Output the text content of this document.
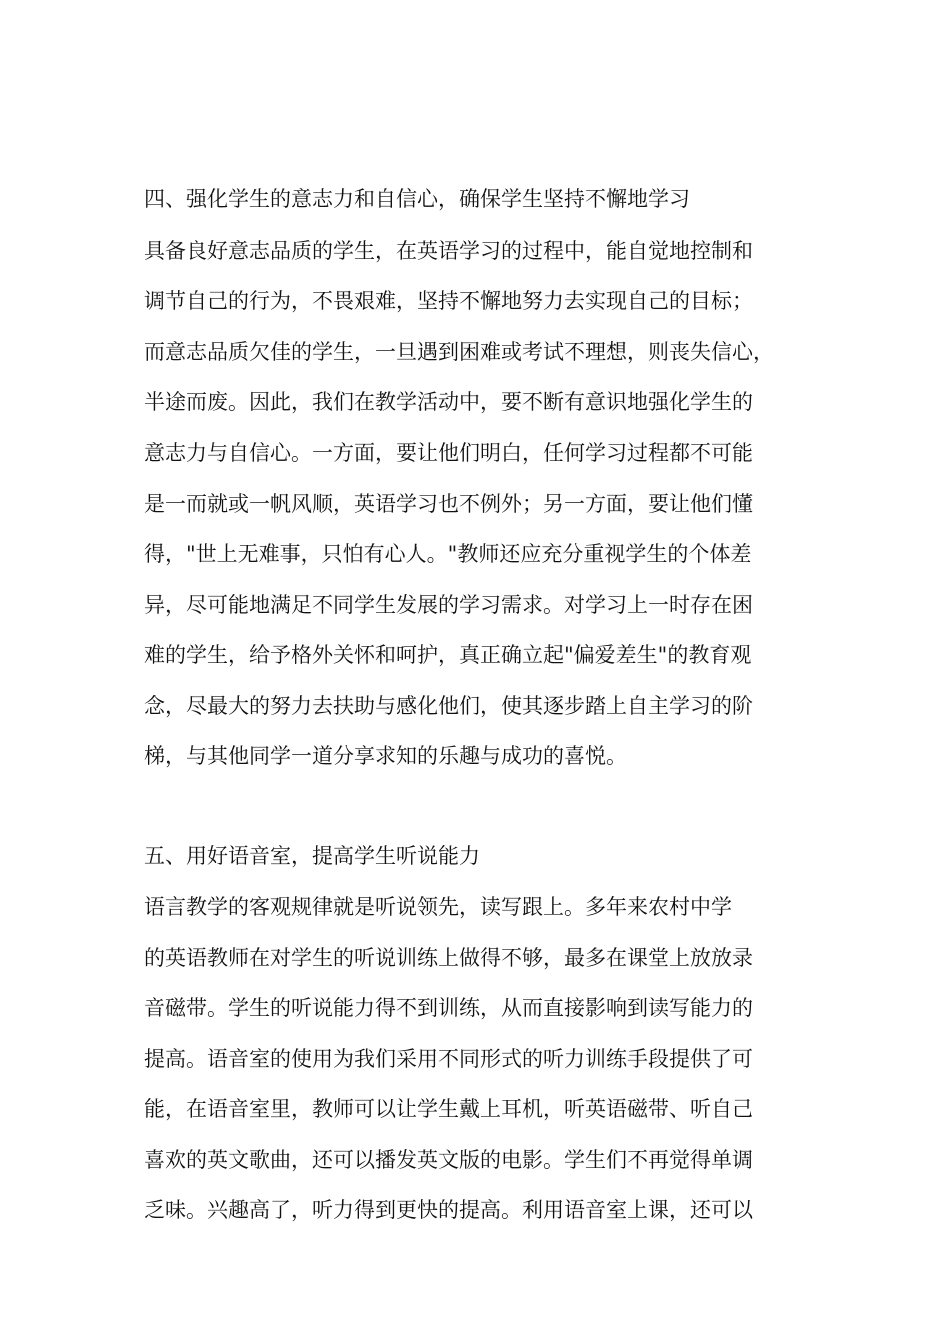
四、强化学生的意志力和自信心，确保学生坚持不懈地学习
具备良好意志品质的学生，在英语学习的过程中，能自觉地控制和
调节自己的行为，不畏艰难，坚持不懈地努力去实现自己的目标；
而意志品质欠佳的学生，一旦遇到困难或考试不理想，则丧失信心，
半途而废。因此，我们在教学活动中，要不断有意识地强化学生的
意志力与自信心。一方面，要让他们明白，任何学习过程都不可能
是一而就或一帆风顺，英语学习也不例外；另一方面，要让他们懂
得，"世上无难事，只怕有心人。"教师还应充分重视学生的个体差
异，尽可能地满足不同学生发展的学习需求。对学习上一时存在困
难的学生，给予格外关怀和呵护，真正确立起"偏爱差生"的教育观
念，尽最大的努力去扶助与感化他们，使其逐步踏上自主学习的阶
梯，与其他同学一道分享求知的乐趣与成功的喜悦。
五、用好语音室，提高学生听说能力
语言教学的客观规律就是听说领先，读写跟上。多年来农村中学
的英语教师在对学生的听说训练上做得不够，最多在课堂上放放录
音磁带。学生的听说能力得不到训练，从而直接影响到读写能力的
提高。语音室的使用为我们采用不同形式的听力训练手段提供了可
能，在语音室里，教师可以让学生戴上耳机，听英语磁带、听自己
喜欢的英文歌曲，还可以播发英文版的电影。学生们不再觉得单调
乏味。兴趣高了，听力得到更快的提高。利用语音室上课，还可以
